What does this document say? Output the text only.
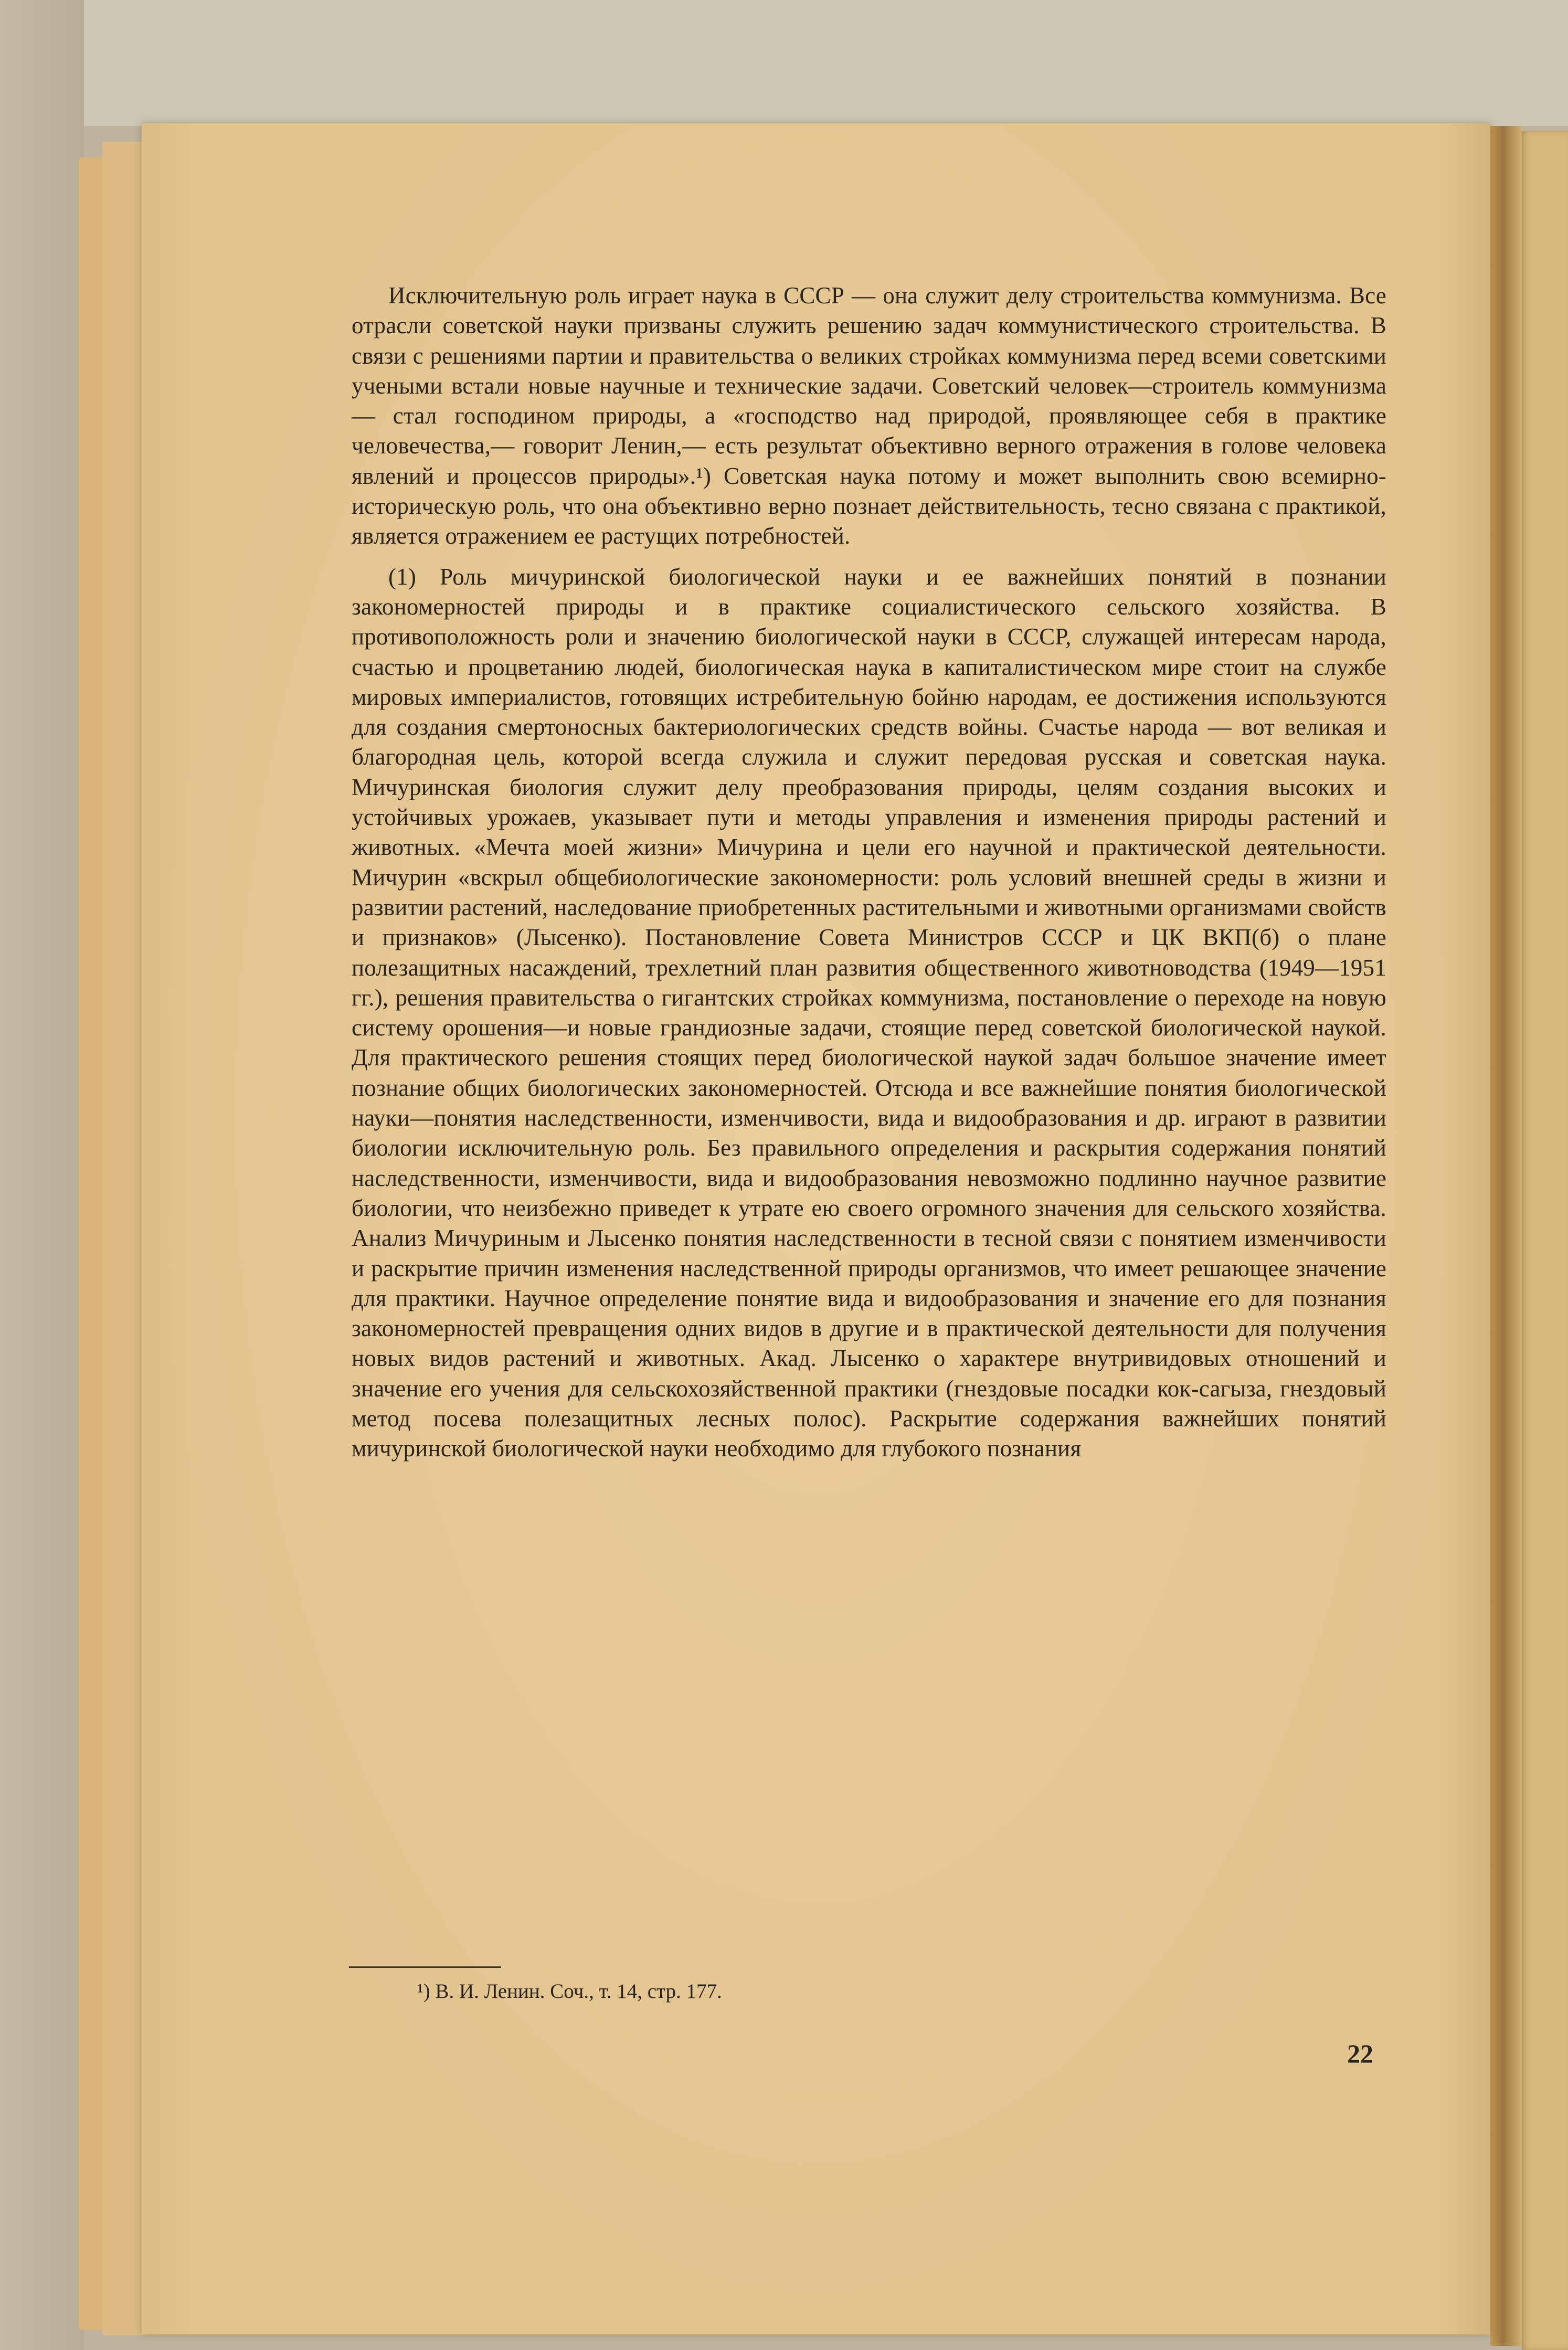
Исключительную роль играет наука в СССР — она служит делу строительства коммунизма. Все отрасли советской науки призваны служить решению задач коммунистического строительства. В связи с решениями партии и правительства о великих стройках коммунизма перед всеми советскими учеными встали новые научные и технические задачи. Советский человек—строитель коммунизма — стал господином природы, а «господство над природой, проявляющее себя в практике человечества,— говорит Ленин,— есть результат объективно верного отражения в голове человека явлений и процессов природы».¹) Советская наука потому и может выполнить свою всемирно-историческую роль, что она объективно верно познает действительность, тесно связана с практикой, является отражением ее растущих потребностей.

(1) Роль мичуринской биологической науки и ее важнейших понятий в познании закономерностей природы и в практике социалистического сельского хозяйства. В противоположность роли и значению биологической науки в СССР, служащей интересам народа, счастью и процветанию людей, биологическая наука в капиталистическом мире стоит на службе мировых империалистов, готовящих истребительную бойню народам, ее достижения используются для создания смертоносных бактериологических средств войны. Счастье народа — вот великая и благородная цель, которой всегда служила и служит передовая русская и советская наука. Мичуринская биология служит делу преобразования природы, целям создания высоких и устойчивых урожаев, указывает пути и методы управления и изменения природы растений и животных. «Мечта моей жизни» Мичурина и цели его научной и практической деятельности. Мичурин «вскрыл общебиологические закономерности: роль условий внешней среды в жизни и развитии растений, наследование приобретенных растительными и животными организмами свойств и признаков» (Лысенко). Постановление Совета Министров СССР и ЦК ВКП(б) о плане полезащитных насаждений, трехлетний план развития общественного животноводства (1949—1951 гг.), решения правительства о гигантских стройках коммунизма, постановление о переходе на новую систему орошения—и новые грандиозные задачи, стоящие перед советской биологической наукой. Для практического решения стоящих перед биологической наукой задач большое значение имеет познание общих биологических закономерностей. Отсюда и все важнейшие понятия биологической науки—понятия наследственности, изменчивости, вида и видообразования и др. играют в развитии биологии исключительную роль. Без правильного определения и раскрытия содержания понятий наследственности, изменчивости, вида и видообразования невозможно подлинно научное развитие биологии, что неизбежно приведет к утрате ею своего огромного значения для сельского хозяйства. Анализ Мичуриным и Лысенко понятия наследственности в тесной связи с понятием изменчивости и раскрытие причин изменения наследственной природы организмов, что имеет решающее значение для практики. Научное определение понятие вида и видообразования и значение его для познания закономерностей превращения одних видов в другие и в практической деятельности для получения новых видов растений и животных. Акад. Лысенко о характере внутривидовых отношений и значение его учения для сельскохозяйственной практики (гнездовые посадки кок-сагыза, гнездовый метод посева полезащитных лесных полос). Раскрытие содержания важнейших понятий мичуринской биологической науки необходимо для глубокого познания

¹) В. И. Ленин. Соч., т. 14, стр. 177.
22
